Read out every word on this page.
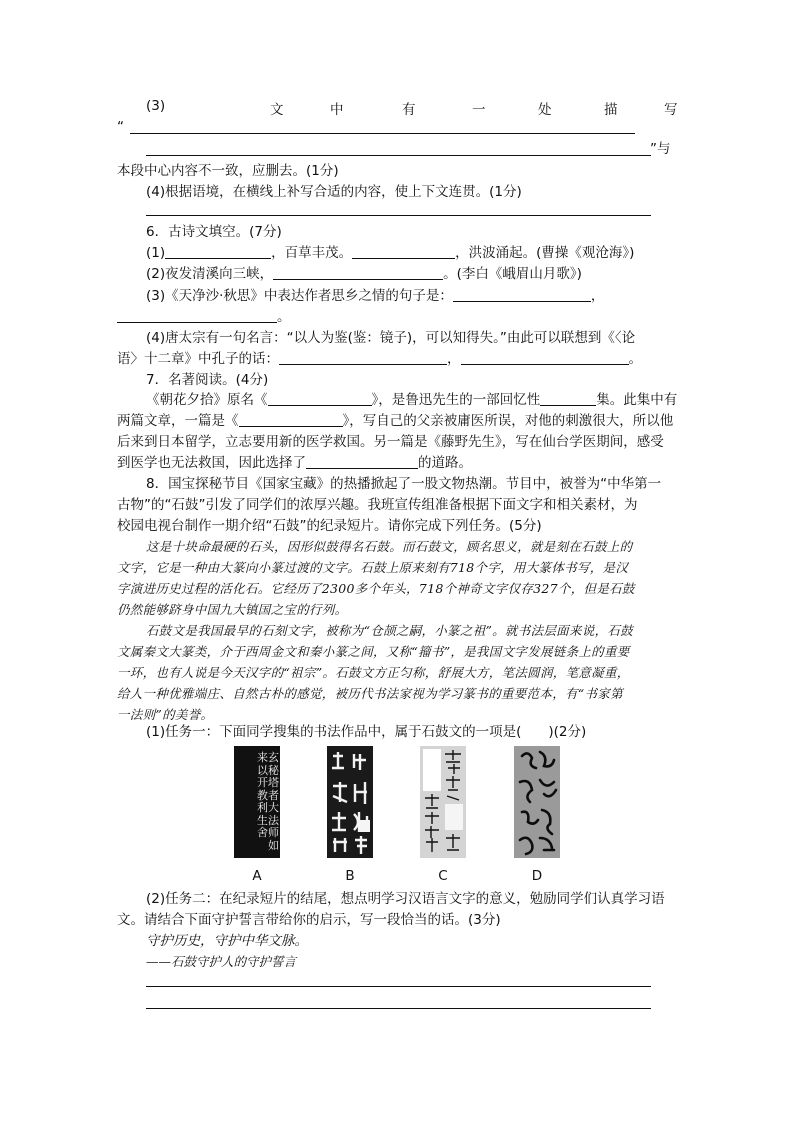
(3)	文	中	有	一	处	描	写
“
”与
本段中心内容不一致，应删去。(1分)
(4)根据语境，在横线上补写合适的内容，使上下文连贯。(1分)
6．古诗文填空。(7分)
(1)	，百草丰茂。	，洪波涌起。(曹操《观沧海》)
(2)夜发清溪向三峡，	。(李白《峨眉山月歌》)
(3)《天净沙·秋思》中表达作者思乡之情的句子是：	，
。
(4)唐太宗有一句名言：“以人为鉴(鉴：镜子)，可以知得失。”由此可以联想到《〈论
语〉十二章》中孔子的话：	，	。
7．名著阅读。(4分)
《朝花夕拾》原名《	》，是鲁迅先生的一部回忆性	集。此集中有
两篇文章，一篇是《	》，写自己的父亲被庸医所误，对他的刺激很大，所以他
后来到日本留学，立志要用新的医学救国。另一篇是《藤野先生》，写在仙台学医期间，感受
到医学也无法救国，因此选择了	的道路。
8．国宝探秘节目《国家宝藏》的热播掀起了一股文物热潮。节目中，被誉为“中华第一
古物”的“石鼓”引发了同学们的浓厚兴趣。我班宣传组准备根据下面文字和相关素材，为
校园电视台制作一期介绍“石鼓”的纪录短片。请你完成下列任务。(5分)
这是十块命最硬的石头，因形似鼓得名石鼓。而石鼓文，顾名思义，就是刻在石鼓上的
文字，它是一种由大篆向小篆过渡的文字。石鼓上原来刻有718个字，用大篆体书写，是汉
字演进历史过程的活化石。它经历了2300多个年头，718个神奇文字仅存327个，但是石鼓
仍然能够跻身中国九大镇国之宝的行列。
石鼓文是我国最早的石刻文字，被称为“仓颉之嗣，小篆之祖”。就书法层面来说，石鼓
文属秦文大篆类，介于西周金文和秦小篆之间，又称“籀书”，是我国文字发展链条上的重要
一环，也有人说是今天汉字的“祖宗”。石鼓文方正匀称，舒展大方，笔法圆润，笔意凝重，
给人一种优雅端庄、自然古朴的感觉，被历代书法家视为学习篆书的重要范本，有“书家第
一法则”的美誉。
(1)任务一：下面同学搜集的书法作品中，属于石鼓文的一项是(　　)(2分)
玄
秘
塔
者
大
法
师
如
来
以
开
教
利
生
舍
A	B	C	D
(2)任务二：在纪录短片的结尾，想点明学习汉语言文字的意义，勉励同学们认真学习语
文。请结合下面守护誓言带给你的启示，写一段恰当的话。(3分)
守护历史，守护中华文脉。
——石鼓守护人的守护誓言
